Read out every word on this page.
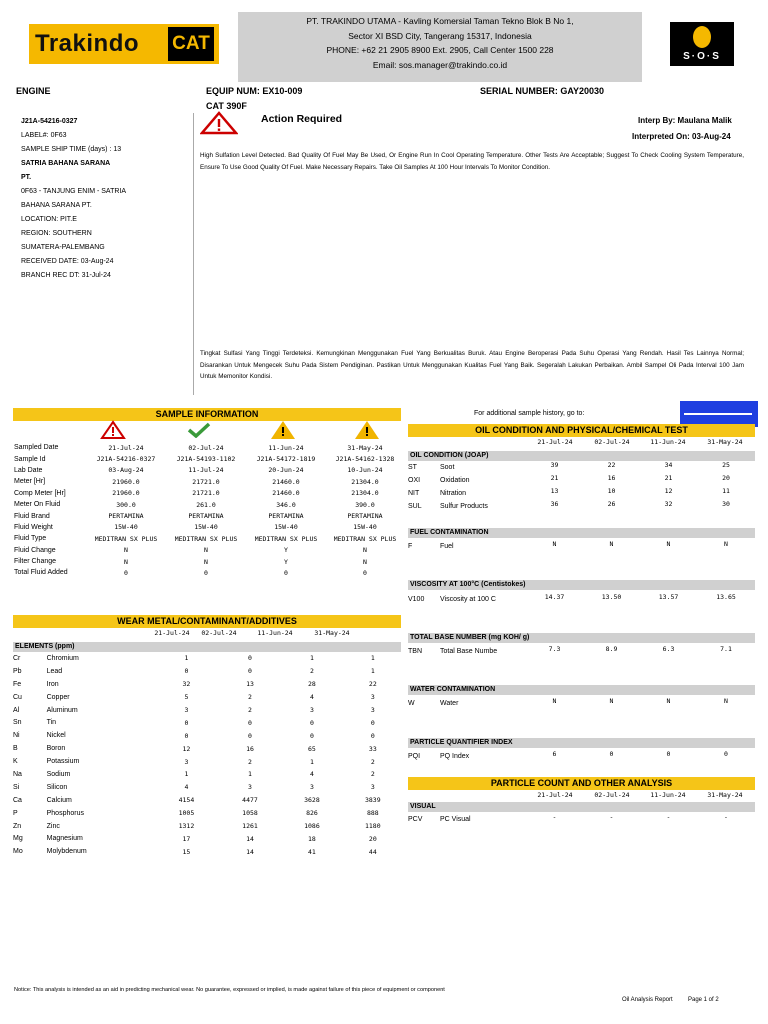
Trakindo CAT
PT. TRAKINDO UTAMA - Kavling Komersial Taman Tekno Blok B No 1,
Sector XI BSD City, Tangerang 15317, Indonesia
PHONE: +62 21 2905 8900 Ext. 2905, Call Center 1500 228
Email: sos.manager@trakindo.co.id
S·O·S
ENGINE	EQUIP NUM: EX10-009
CAT 390F
SERIAL NUMBER: GAY20030
J21A-54216-0327
LABEL#: 0F63
SAMPLE SHIP TIME (days) : 13
SATRIA BAHANA SARANA
PT.
0F63 - TANJUNG ENIM - SATRIA
BAHANA SARANA PT.
LOCATION: PIT.E
REGION: SOUTHERN
SUMATERA-PALEMBANG
RECEIVED DATE: 03-Aug-24
BRANCH REC DT: 31-Jul-24
Action Required	Interp By: Maulana Malik
Interpreted On: 03-Aug-24
High Sulfation Level Detected. Bad Quality Of Fuel May Be Used, Or Engine Run In Cool Operating Temperature. Other Tests Are Acceptable; Suggest To Check Cooling System Temperature, Ensure To Use Good Quality Of Fuel. Make Necessary Repairs. Take Oil Samples At 100 Hour Intervals To Monitor Condition.
Tingkat Sulfasi Yang Tinggi Terdeteksi. Kemungkinan Menggunakan Fuel Yang Berkualitas Buruk. Atau Engine Beroperasi Pada Suhu Operasi Yang Rendah. Hasil Tes Lainnya Normal; Disarankan Untuk Mengecek Suhu Pada Sistem Pendiginan. Pastikan Untuk Menggunakan Kualitas Fuel Yang Baik. Segeralah Lakukan Perbaikan. Ambil Sampel Oli Pada Interval 100 Jam Untuk Memonitor Kondisi.
SAMPLE INFORMATION
Sampled Date	21-Jul-24	02-Jul-24	11-Jun-24	31-May-24
Sample Id	J21A-54216-0327	J21A-54193-1102	J21A-54172-1819	J21A-54162-1328
Lab Date	03-Aug-24	11-Jul-24	20-Jun-24	10-Jun-24
Meter [Hr]	21960.0	21721.0	21460.0	21304.0
Comp Meter [Hr]	21960.0	21721.0	21460.0	21304.0
Meter On Fluid	300.0	261.0	346.0	390.0
Fluid Brand	PERTAMINA	PERTAMINA	PERTAMINA	PERTAMINA
Fluid Weight	15W-40	15W-40	15W-40	15W-40
Fluid Type	MEDITRAN SX PLUS	MEDITRAN SX PLUS	MEDITRAN SX PLUS	MEDITRAN SX PLUS
Fluid Change	N	N	Y	N
Filter Change	N	N	Y	N
Total Fluid Added	0	0	0	0
WEAR METAL/CONTAMINANT/ADDITIVES
21-Jul-24	02-Jul-24	11-Jun-24	31-May-24
ELEMENTS (ppm)
Cr	Chromium	1	0	1	1
Pb	Lead	0	0	2	1
Fe	Iron	32	13	28	22
Cu	Copper	5	2	4	3
Al	Aluminum	3	2	3	3
Sn	Tin	0	0	0	0
Ni	Nickel	0	0	0	0
B	Boron	12	16	65	33
K	Potassium	3	2	1	2
Na	Sodium	1	1	4	2
Si	Silicon	4	3	3	3
Ca	Calcium	4154	4477	3628	3839
P	Phosphorus	1005	1058	826	888
Zn	Zinc	1312	1261	1086	1180
Mg	Magnesium	17	14	18	20
Mo	Molybdenum	15	14	41	44
For additional sample history, go to:
OIL CONDITION AND PHYSICAL/CHEMICAL TEST
21-Jul-24	02-Jul-24	11-Jun-24	31-May-24
OIL CONDITION (JOAP)
ST	Soot	39	22	34	25
OXI	Oxidation	21	16	21	20
NIT	Nitration	13	10	12	11
SUL	Sulfur Products	36	26	32	30
FUEL CONTAMINATION
VISCOSITY AT 100°C (Centistokes)
TOTAL BASE NUMBER (mg KOH/ g)
WATER CONTAMINATION
PARTICLE QUANTIFIER INDEX
F	Fuel	N	N	N	N
V100	Viscosity at 100 C	14.37	13.50	13.57	13.65
TBN	Total Base Numbe	7.3	8.9	6.3	7.1
W	Water	N	N	N	N
PQI	PQ Index	6	0	0	0
PARTICLE COUNT AND OTHER ANALYSIS
21-Jul-24	02-Jul-24	11-Jun-24	31-May-24
VISUAL
PCV	PC Visual	-	-	-	-
Notice: This analysis is intended as an aid in predicting mechanical wear. No guarantee, expressed or implied, is made against failure of this piece of equipment or component
Oil Analysis Report	Page 1 of 2
